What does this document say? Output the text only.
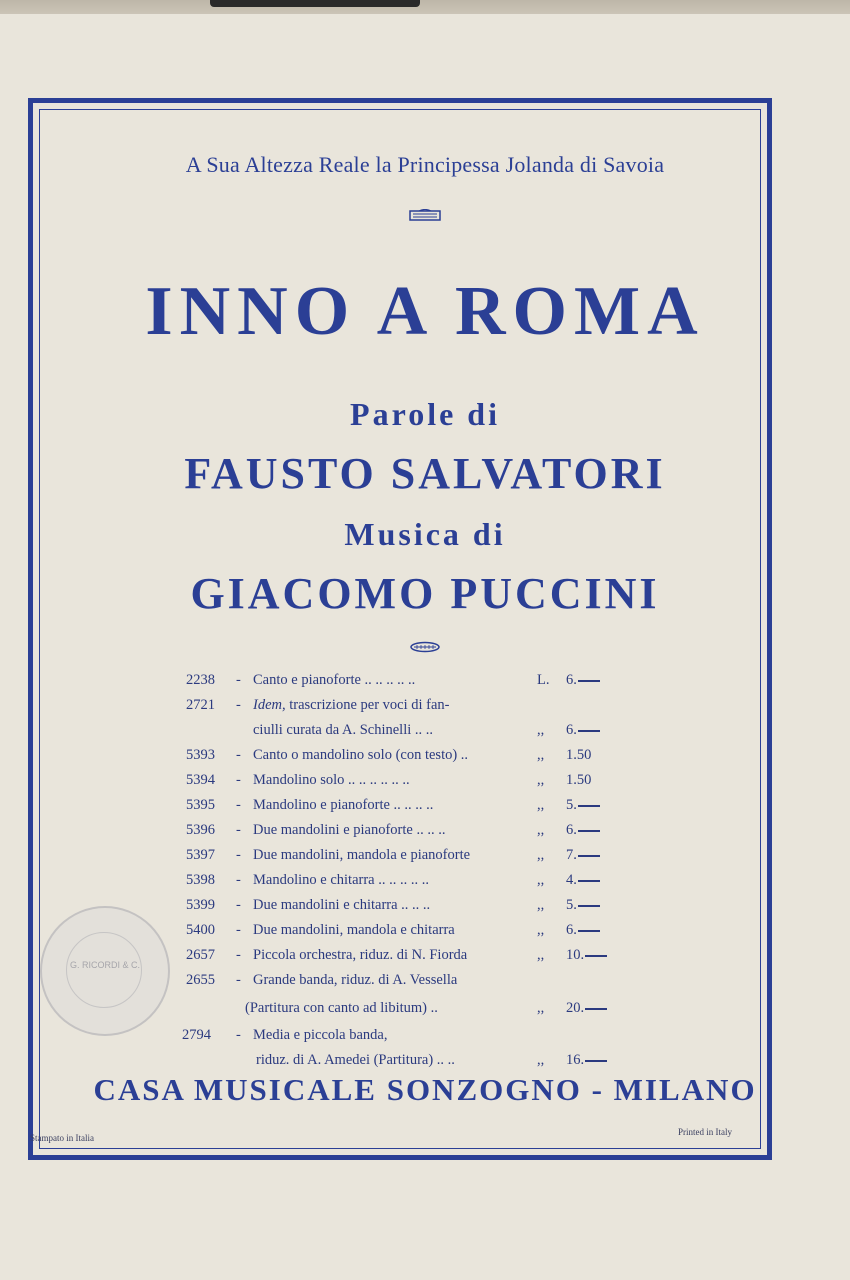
A Sua Altezza Reale la Principessa Jolanda di Savoia
INNO A ROMA
Parole di
FAUSTO SALVATORI
Musica di
GIACOMO PUCCINI
2238	- Canto e pianoforte .. .. .. .. ..	L.	6.
2721	- Idem, trascrizione per voci di fan-
ciulli curata da A. Schinelli .. ..	,,	6.
5393	- Canto o mandolino solo (con testo) ..	,,	1.50
5394	- Mandolino solo .. .. .. .. .. ..	,,	1.50
5395	- Mandolino e pianoforte .. .. .. ..	,,	5.
5396	- Due mandolini e pianoforte .. .. ..	,,	6.
5397	- Due mandolini, mandola e pianoforte	,,	7.
5398	- Mandolino e chitarra .. .. .. .. ..	,,	4.
5399	- Due mandolini e chitarra .. .. ..	,,	5.
5400	- Due mandolini, mandola e chitarra	,,	6.
2657	- Piccola orchestra, riduz. di N. Fiorda	,,	10.
2655	- Grande banda, riduz. di A. Vessella
(Partitura con canto ad libitum) ..	,,	20.
2794	- Media e piccola banda,
riduz. di A. Amedei (Partitura) .. ..	,,	16.
G. RICORDI & C.
CASA MUSICALE SONZOGNO - MILANO
Stampato in Italia
Printed in Italy
